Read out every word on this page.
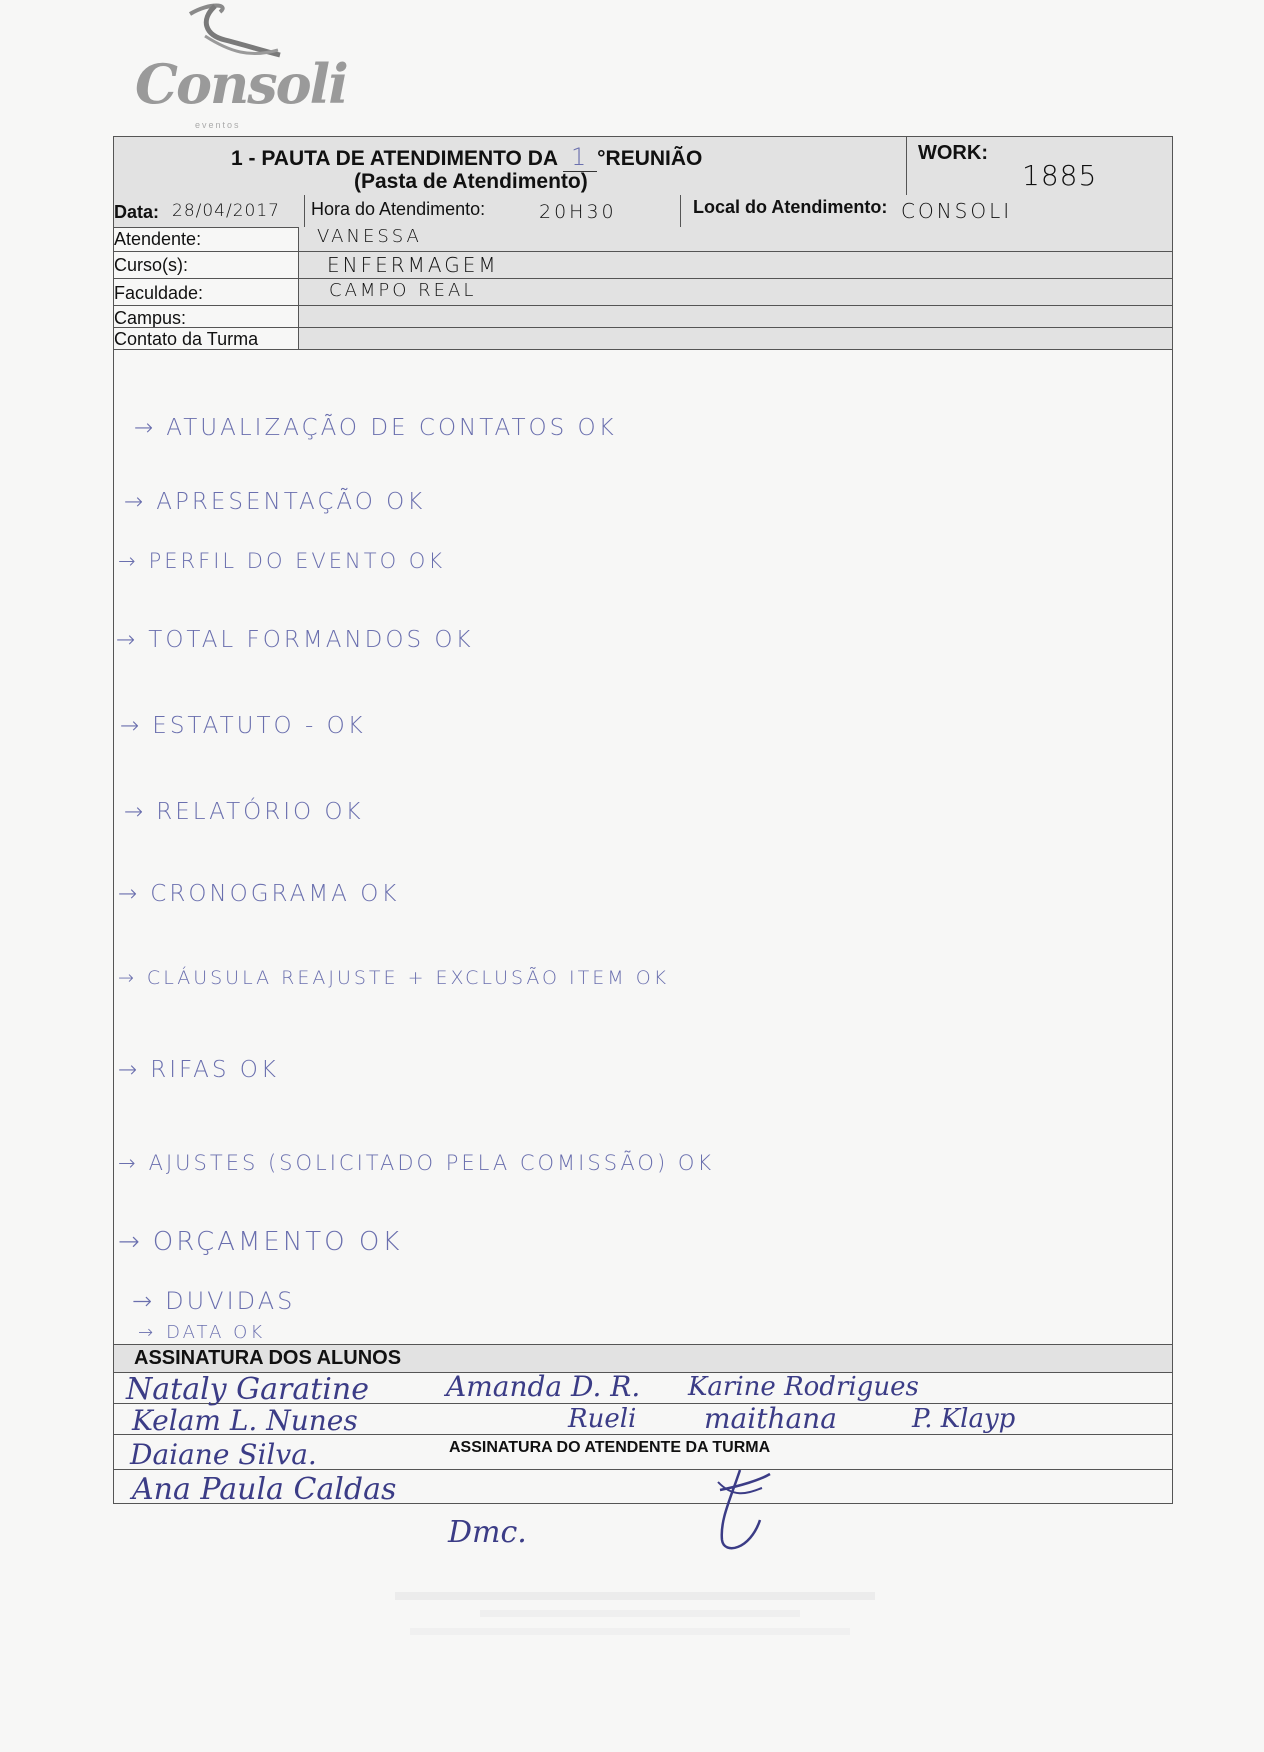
Consoli
eventos
1 - PAUTA DE ATENDIMENTO DA 1 °REUNIÃO
(Pasta de Atendimento)
WORK:
1885
Data: 28/04/2017 Hora do Atendimento:	20H30	Local do Atendimento: CONSOLI
Atendente:	VANESSA
Curso(s):	ENFERMAGEM
Faculdade:	CAMPO REAL
Campus:
Contato da Turma
→ ATUALIZAÇÃO DE CONTATOS OK
→ APRESENTAÇÃO OK
→ PERFIL DO EVENTO OK
→ TOTAL FORMANDOS OK
→ ESTATUTO - OK
→ RELATÓRIO OK
→ CRONOGRAMA OK
→ CLÁUSULA REAJUSTE + EXCLUSÃO ITEM OK
→ RIFAS OK
→ AJUSTES (SOLICITADO PELA COMISSÃO) OK
→ ORÇAMENTO OK
→ DUVIDAS
→ DATA OK
ASSINATURA DOS ALUNOS
ASSINATURA DO ATENDENTE DA TURMA
Nataly Garatine	Amanda D. R. Karine Rodrigues
Kelam L. Nunes	Rueli maithana	P. Klayp
Daiane Silva.
Ana Paula Caldas
Dmc.
